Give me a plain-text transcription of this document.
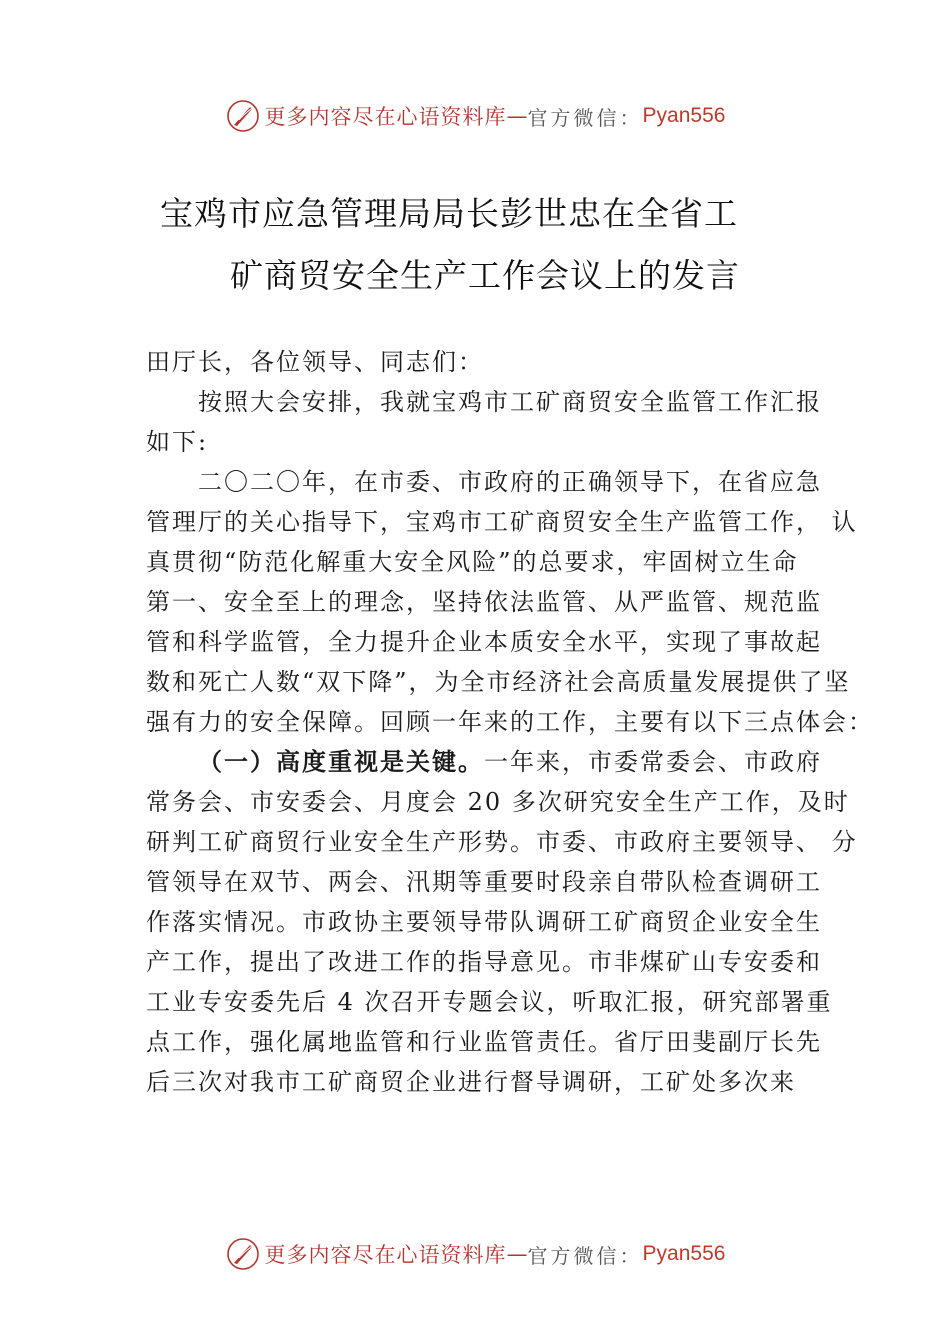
更多内容尽在心语资料库 — 官方微信： Pyan556
宝鸡市应急管理局局长彭世忠在全省工
矿商贸安全生产工作会议上的发言
田厅长，各位领导、同志们：
按照大会安排，我就宝鸡市工矿商贸安全监管工作汇报
如下:
二〇二〇年，在市委、市政府的正确领导下，在省应急
管理厅的关心指导下，宝鸡市工矿商贸安全生产监管工作， 认
真贯彻“防范化解重大安全风险”的总要求，牢固树立生命
第一、安全至上的理念，坚持依法监管、从严监管、规范监
管和科学监管，全力提升企业本质安全水平，实现了事故起
数和死亡人数“双下降”，为全市经济社会高质量发展提供了坚
强有力的安全保障。回顾一年来的工作，主要有以下三点体会：
（一）高度重视是关键。一年来，市委常委会、市政府
常务会、市安委会、月度会 20 多次研究安全生产工作，及时
研判工矿商贸行业安全生产形势。市委、市政府主要领导、 分
管领导在双节、两会、汛期等重要时段亲自带队检查调研工
作落实情况。市政协主要领导带队调研工矿商贸企业安全生
产工作，提出了改进工作的指导意见。市非煤矿山专安委和
工业专安委先后 4 次召开专题会议，听取汇报，研究部署重
点工作，强化属地监管和行业监管责任。省厅田斐副厅长先
后三次对我市工矿商贸企业进行督导调研，工矿处多次来
更多内容尽在心语资料库 — 官方微信： Pyan556
